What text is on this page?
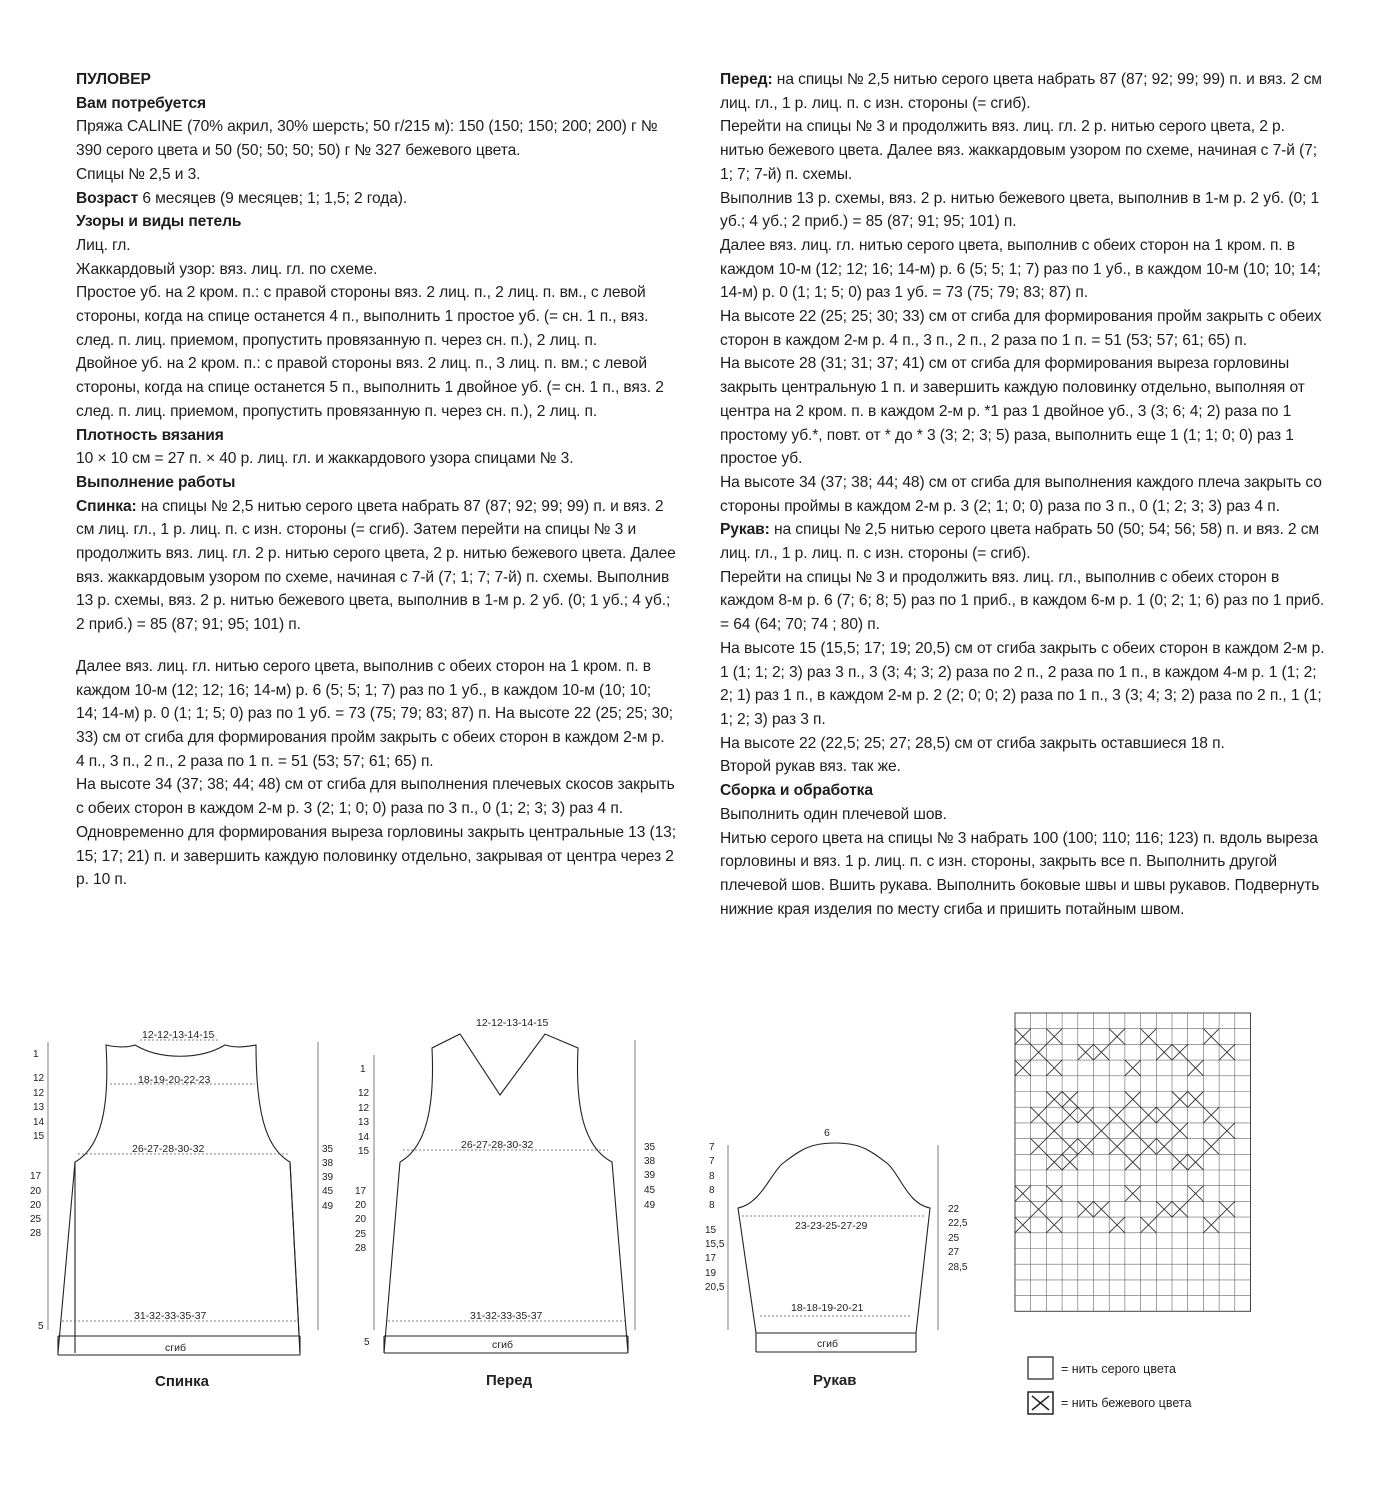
ПУЛОВЕР
Вам потребуется

Пряжа CALINE (70% акрил, 30% шерсть; 50 г/215 м): 150 (150; 150; 200; 200) г № 390 серого цвета и 50 (50; 50; 50; 50) г № 327 бежевого цвета.

Спицы № 2,5 и 3.

Возраст 6 месяцев (9 месяцев; 1; 1,5; 2 года).

Узоры и виды петель

Лиц. гл.

Жаккардовый узор: вяз. лиц. гл. по схеме.

Простое уб. на 2 кром. п.: с правой стороны вяз. 2 лиц. п., 2 лиц. п. вм., с левой стороны, когда на спице останется 4 п., выполнить 1 простое уб. (= сн. 1 п., вяз. след. п. лиц. приемом, пропустить провязанную п. через сн. п.), 2 лиц. п.

Двойное уб. на 2 кром. п.: с правой стороны вяз. 2 лиц. п., 3 лиц. п. вм.; с левой стороны, когда на спице останется 5 п., выполнить 1 двойное уб. (= сн. 1 п., вяз. 2 след. п. лиц. приемом, пропустить провязанную п. через сн. п.), 2 лиц. п.

Плотность вязания

10 × 10 см = 27 п. × 40 р. лиц. гл. и жаккардового узора спицами № 3.

Выполнение работы

Спинка: на спицы № 2,5 нитью серого цвета набрать 87 (87; 92; 99; 99) п. и вяз. 2 см лиц. гл., 1 р. лиц. п. с изн. стороны (= сгиб). Затем перейти на спицы № 3 и продолжить вяз. лиц. гл. 2 р. нитью серого цвета, 2 р. нитью бежевого цвета. Далее вяз. жаккардовым узором по схеме, начиная с 7-й (7; 1; 7; 7-й) п. схемы. Выполнив 13 р. схемы, вяз. 2 р. нитью бежевого цвета, выполнив в 1-м р. 2 уб. (0; 1 уб.; 4 уб.; 2 приб.) = 85 (87; 91; 95; 101) п.

Далее вяз. лиц. гл. нитью серого цвета, выполнив с обеих сторон на 1 кром. п. в каждом 10-м (12; 12; 16; 14-м) р. 6 (5; 5; 1; 7) раз по 1 уб., в каждом 10-м (10; 10; 14; 14-м) р. 0 (1; 1; 5; 0) раз по 1 уб. = 73 (75; 79; 83; 87) п. На высоте 22 (25; 25; 30; 33) см от сгиба для формирования пройм закрыть с обеих сторон в каждом 2-м р. 4 п., 3 п., 2 п., 2 раза по 1 п. = 51 (53; 57; 61; 65) п.

На высоте 34 (37; 38; 44; 48) см от сгиба для выполнения плечевых скосов закрыть с обеих сторон в каждом 2-м р. 3 (2; 1; 0; 0) раза по 3 п., 0 (1; 2; 3; 3) раз 4 п. Одновременно для формирования выреза горловины закрыть центральные 13 (13; 15; 17; 21) п. и завершить каждую половинку отдельно, закрывая от центра через 2 р. 10 п.

Перед: на спицы № 2,5 нитью серого цвета набрать 87 (87; 92; 99; 99) п. и вяз. 2 см лиц. гл., 1 р. лиц. п. с изн. стороны (= сгиб).

Перейти на спицы № 3 и продолжить вяз. лиц. гл. 2 р. нитью серого цвета, 2 р. нитью бежевого цвета. Далее вяз. жаккардовым узором по схеме, начиная с 7-й (7; 1; 7; 7-й) п. схемы.

Выполнив 13 р. схемы, вяз. 2 р. нитью бежевого цвета, выполнив в 1-м р. 2 уб. (0; 1 уб.; 4 уб.; 2 приб.) = 85 (87; 91; 95; 101) п.

Далее вяз. лиц. гл. нитью серого цвета, выполнив с обеих сторон на 1 кром. п. в каждом 10-м (12; 12; 16; 14-м) р. 6 (5; 5; 1; 7) раз по 1 уб., в каждом 10-м (10; 10; 14; 14-м) р. 0 (1; 1; 5; 0) раз 1 уб. = 73 (75; 79; 83; 87) п.

На высоте 22 (25; 25; 30; 33) см от сгиба для формирования пройм закрыть с обеих сторон в каждом 2-м р. 4 п., 3 п., 2 п., 2 раза по 1 п. = 51 (53; 57; 61; 65) п.

На высоте 28 (31; 31; 37; 41) см от сгиба для формирования выреза горловины закрыть центральную 1 п. и завершить каждую половинку отдельно, выполняя от центра на 2 кром. п. в каждом 2-м р. *1 раз 1 двойное уб., 3 (3; 6; 4; 2) раза по 1 простому уб.*, повт. от * до * 3 (3; 2; 3; 5) раза, выполнить еще 1 (1; 1; 0; 0) раз 1 простое уб.

На высоте 34 (37; 38; 44; 48) см от сгиба для выполнения каждого плеча закрыть со стороны проймы в каждом 2-м р. 3 (2; 1; 0; 0) раза по 3 п., 0 (1; 2; 3; 3) раз 4 п.

Рукав: на спицы № 2,5 нитью серого цвета набрать 50 (50; 54; 56; 58) п. и вяз. 2 см лиц. гл., 1 р. лиц. п. с изн. стороны (= сгиб).

Перейти на спицы № 3 и продолжить вяз. лиц. гл., выполнив с обеих сторон в каждом 8-м р. 6 (7; 6; 8; 5) раз по 1 приб., в каждом 6-м р. 1 (0; 2; 1; 6) раз по 1 приб. = 64 (64; 70; 74 ; 80) п.

На высоте 15 (15,5; 17; 19; 20,5) см от сгиба закрыть с обеих сторон в каждом 2-м р. 1 (1; 1; 2; 3) раз 3 п., 3 (3; 4; 3; 2) раза по 2 п., 2 раза по 1 п., в каждом 4-м р. 1 (1; 2; 2; 1) раз 1 п., в каждом 2-м р. 2 (2; 0; 0; 2) раза по 1 п., 3 (3; 4; 3; 2) раза по 2 п., 1 (1; 1; 2; 3) раз 3 п.

На высоте 22 (22,5; 25; 27; 28,5) см от сгиба закрыть оставшиеся 18 п.

Второй рукав вяз. так же.

Сборка и обработка

Выполнить один плечевой шов.

Нитью серого цвета на спицы № 3 набрать 100 (100; 110; 116; 123) п. вдоль выреза горловины и вяз. 1 р. лиц. п. с изн. стороны, закрыть все п. Выполнить другой плечевой шов. Вшить рукава. Выполнить боковые швы и швы рукавов. Подвернуть нижние края изделия по месту сгиба и пришить потайным швом.

12-12-13-14-15
18-19-20-22-23
26-27-28-30-32
31-32-33-35-37
сгиб
5
1
12
12
13
14
15
17
20
20
25
28
35
38
39
45
49
Спинка
12-12-13-14-15
26-27-28-30-32
31-32-33-35-37
сгиб
5
1
12
12
13
14
15
17
20
20
25
28
35
38
39
45
49
Перед
6
23-23-25-27-29
18-18-19-20-21
сгиб
7
7
8
8
8
15
15,5
17
19
20,5
22
22,5
25
27
28,5
Рукав
= нить серого цвета
= нить бежевого цвета
